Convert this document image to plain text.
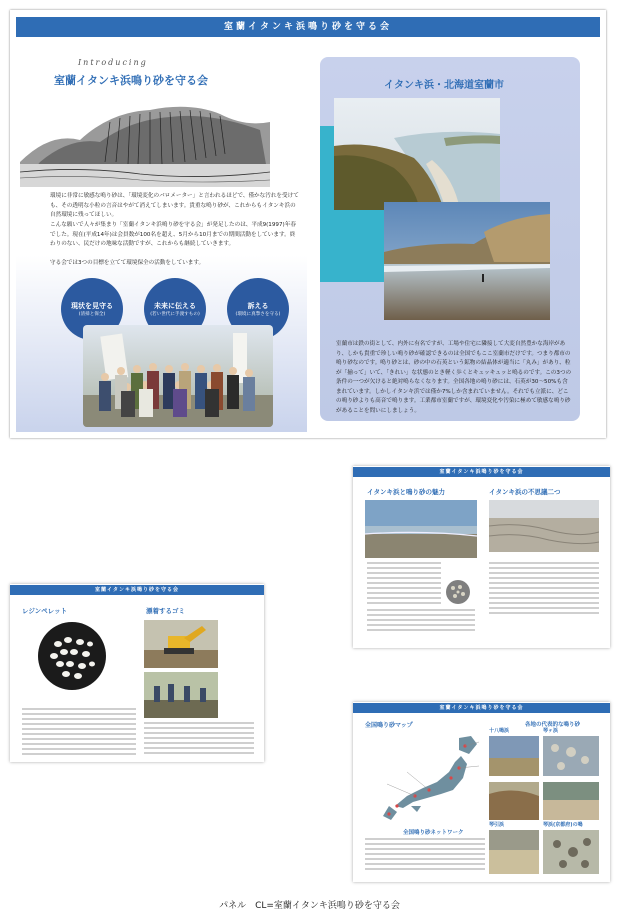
室蘭イタンキ浜鳴り砂を守る会
Introducing
室蘭イタンキ浜鳴り砂を守る会
環境に非常に敏感な鳴り砂は、「環境変化のバロメーター」と言われるほどで、僅かな汚れを受けても、その透明な小粒の言音はやがて消えてしまいます。貴重な鳴り砂が、これからもイタンキ浜の自然環境に残ってほしい。
こんな願いで人々が集まり「室蘭イタンキ浜鳴り砂を守る会」が発足したのは、平成9(1997)年春でした。現在(平成14年)は会員数が100名を超え、5月から10月までの期間活動をしています。終わりのない、民だけの地味な活動ですが、これからも継続していきます。
守る会では3つの目標を立てて環境保全の活動をしています。
現状を見守る
(清掃と保全)
未来に伝える
(若い世代に手渡すもの)
訴える
(環境に真摯さを守る)
イタンキ浜・北海道室蘭市
室蘭市は鉄の街として、内外に有名ですが、工場や住宅に隣接して大変自然豊かな海岸があり、しかも貴重で珍しい鳴り砂が確認できるのは全国でもここ室蘭市だけです。つまり都市の鳴り砂なのです。鳴り砂とは、砂の中の石英という鉱物の結晶体が適当に「丸み」があり、粒が「揃って」いて、「きれい」な状態のとき軽く歩くとキュッキュッと鳴るのです。この3つの条件の一つが欠けると絶対鳴らなくなります。全国各地の鳴り砂には、石英が30〜50%も含まれています。しかしイタンキ浜では僅か7%しか含まれていません。それでも立派に、どこの鳴り砂よりも高音で鳴ります。工業都市室蘭ですが、環境変化や汚染に極めて敏感な鳴り砂があることを問いにしましょう。
室蘭イタンキ浜鳴り砂を守る会
イタンキ浜と鳴り砂の魅力	イタンキ浜の不思議二つ
室蘭イタンキ浜鳴り砂を守る会
レジンペレット	漂着するゴミ
室蘭イタンキ浜鳴り砂を守る会
全国鳴り砂マップ	各地の代表的な鳴り砂
全国鳴り砂ネットワーク
十八鳴浜	琴ヶ浜
琴引浜	琴浜(京都府)の鳴
パネル　CL=室蘭イタンキ浜鳴り砂を守る会
